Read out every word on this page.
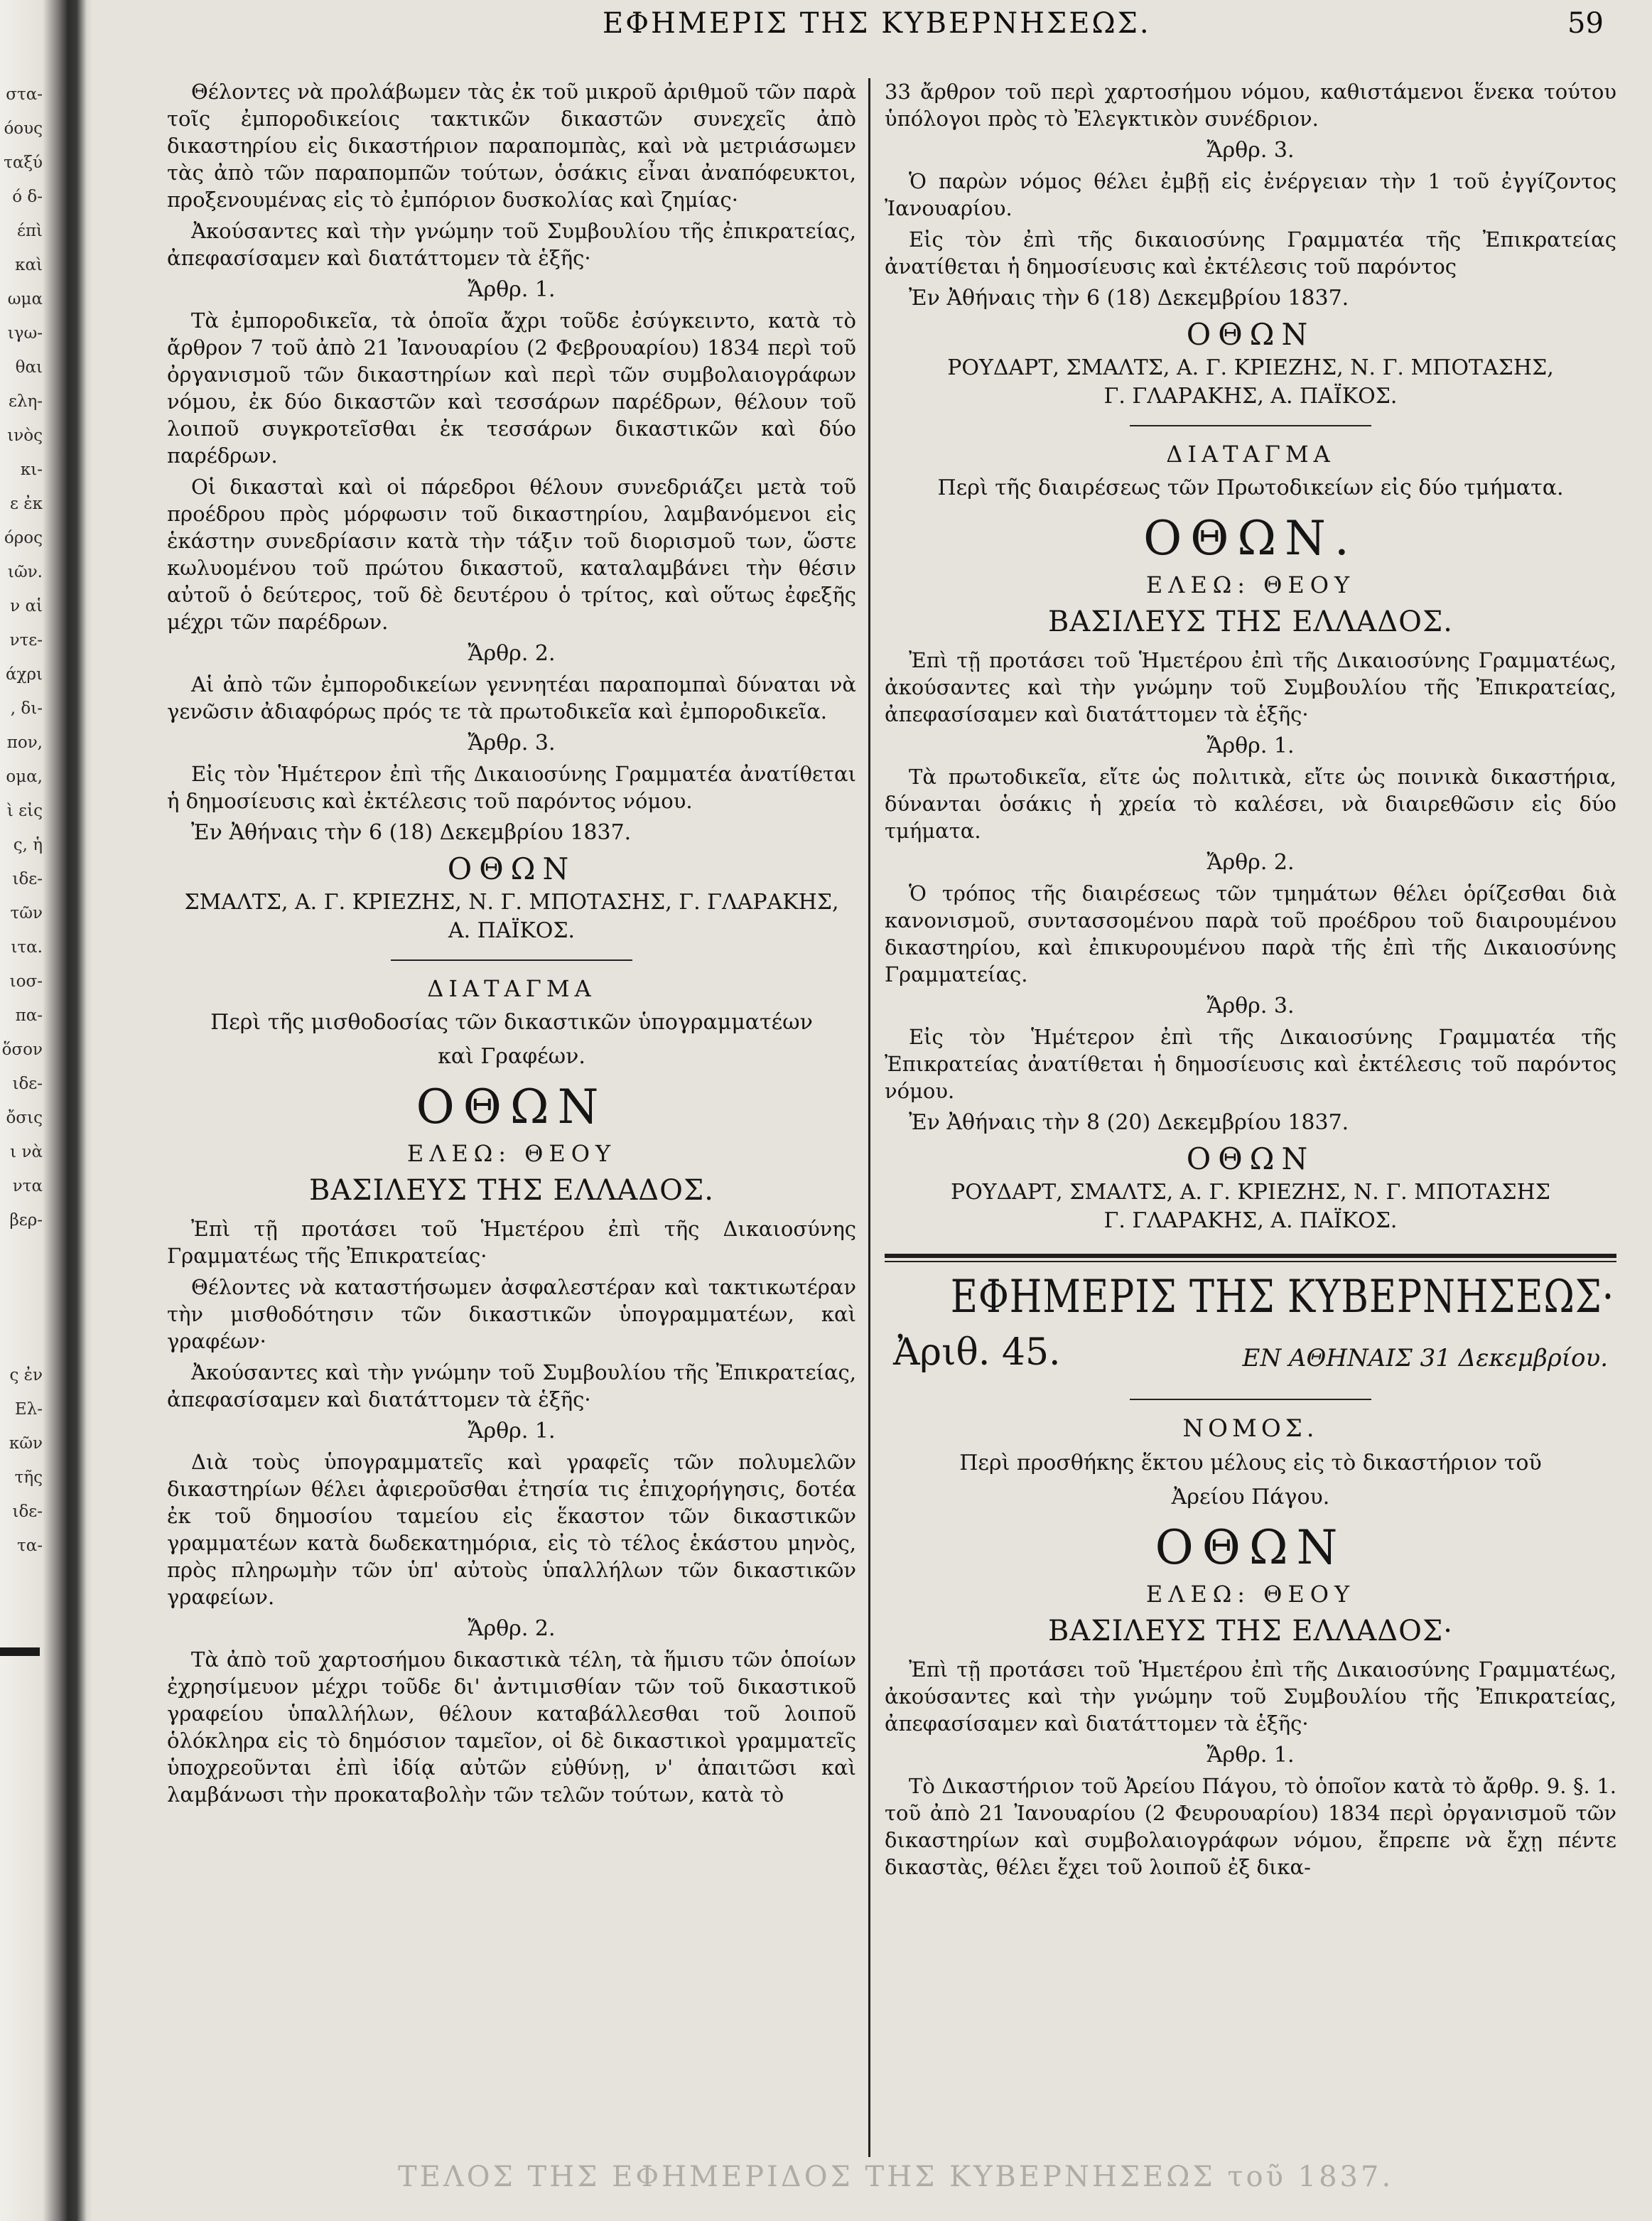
στα-
όους
ταξύ
ό δ-
έπὶ
καὶ
ωμα
ιγω-
θαι
ελη-
ινὸς
κι-
ε ἐκ
όρος
ιῶν.
ν αἱ
ντε-
άχρι
, δι-
πον,
ομα,
ὶ εἰς
ς, ἡ
ιδε-
τῶν
ιτα.
ιοσ-
πα-
ὅσον
ιδε-
ὄσις
ι νὰ
ντα
βερ-
ς ἐν
Ελ-
κῶν
τῆς
ιδε-
τα-
ΕΦΗΜΕΡΙΣ ΤΗΣ ΚΥΒΕΡΝΗΣΕΩΣ.	59

Θέλοντες νὰ προλάβωμεν τὰς ἐκ τοῦ μικροῦ ἀριθμοῦ τῶν παρὰ τοῖς ἐμποροδικείοις τακτικῶν δικαστῶν συνεχεῖς ἀπὸ δικαστηρίου εἰς δικαστήριον παραπομπὰς, καὶ νὰ μετριάσωμεν τὰς ἀπὸ τῶν παραπομπῶν τούτων, ὁσάκις εἶναι ἀναπόφευκτοι, προξενουμένας εἰς τὸ ἐμπόριον δυσκολίας καὶ ζημίας·

Ἀκούσαντες καὶ τὴν γνώμην τοῦ Συμβουλίου τῆς ἐπικρατείας, ἀπεφασίσαμεν καὶ διατάττομεν τὰ ἑξῆς·

Ἄρθρ. 1.

Τὰ ἐμποροδικεῖα, τὰ ὁποῖα ἄχρι τοῦδε ἐσύγκειντο, κατὰ τὸ ἄρθρον 7 τοῦ ἀπὸ 21 Ἰανουαρίου (2 Φεβρουαρίου) 1834 περὶ τοῦ ὀργανισμοῦ τῶν δικαστηρίων καὶ περὶ τῶν συμβολαιογράφων νόμου, ἐκ δύο δικαστῶν καὶ τεσσάρων παρέδρων, θέλουν τοῦ λοιποῦ συγκροτεῖσθαι ἐκ τεσσάρων δικαστικῶν καὶ δύο παρέδρων.

Οἱ δικασταὶ καὶ οἱ πάρεδροι θέλουν συνεδριάζει μετὰ τοῦ προέδρου πρὸς μόρφωσιν τοῦ δικαστηρίου, λαμβανόμενοι εἰς ἑκάστην συνεδρίασιν κατὰ τὴν τάξιν τοῦ διορισμοῦ των, ὥστε κωλυομένου τοῦ πρώτου δικαστοῦ, καταλαμβάνει τὴν θέσιν αὐτοῦ ὁ δεύτερος, τοῦ δὲ δευτέρου ὁ τρίτος, καὶ οὕτως ἐφεξῆς μέχρι τῶν παρέδρων.

Ἄρθρ. 2.

Αἱ ἀπὸ τῶν ἐμποροδικείων γεννητέαι παραπομπαὶ δύναται νὰ γενῶσιν ἀδιαφόρως πρός τε τὰ πρωτοδικεῖα καὶ ἐμποροδικεῖα.

Ἄρθρ. 3.

Εἰς τὸν Ἡμέτερον ἐπὶ τῆς Δικαιοσύνης Γραμματέα ἀνατίθεται ἡ δημοσίευσις καὶ ἐκτέλεσις τοῦ παρόντος νόμου.

Ἐν Ἀθήναις τὴν 6 (18) Δεκεμβρίου 1837.
ΟΘΩΝ

ΣΜΑΛΤΣ, Α. Γ. ΚΡΙΕΖΗΣ, Ν. Γ. ΜΠΟΤΑΣΗΣ, Γ. ΓΛΑΡΑΚΗΣ,

Α. ΠΑΪΚΟΣ.

ΔΙΑΤΑΓΜΑ
Περὶ τῆς μισθοδοσίας τῶν δικαστικῶν ὑπογραμματέων
καὶ Γραφέων.
ΟΘΩΝ
ΕΛΕΩ: ΘΕΟΥ
ΒΑΣΙΛΕΥΣ ΤΗΣ ΕΛΛΑΔΟΣ.

Ἐπὶ τῇ προτάσει τοῦ Ἡμετέρου ἐπὶ τῆς Δικαιοσύνης Γραμματέως τῆς Ἐπικρατείας·

Θέλοντες νὰ καταστήσωμεν ἀσφαλεστέραν καὶ τακτικωτέραν τὴν μισθοδότησιν τῶν δικαστικῶν ὑπογραμματέων, καὶ γραφέων·

Ἀκούσαντες καὶ τὴν γνώμην τοῦ Συμβουλίου τῆς Ἐπικρατείας, ἀπεφασίσαμεν καὶ διατάττομεν τὰ ἑξῆς·

Ἄρθρ. 1.

Διὰ τοὺς ὑπογραμματεῖς καὶ γραφεῖς τῶν πολυμελῶν δικαστηρίων θέλει ἀφιεροῦσθαι ἐτησία τις ἐπιχορήγησις, δοτέα ἐκ τοῦ δημοσίου ταμείου εἰς ἕκαστον τῶν δικαστικῶν γραμματέων κατὰ δωδεκατημόρια, εἰς τὸ τέλος ἑκάστου μηνὸς, πρὸς πληρωμὴν τῶν ὑπ' αὐτοὺς ὑπαλλήλων τῶν δικαστικῶν γραφείων.

Ἄρθρ. 2.

Τὰ ἀπὸ τοῦ χαρτοσήμου δικαστικὰ τέλη, τὰ ἥμισυ τῶν ὁποίων ἐχρησίμευον μέχρι τοῦδε δι' ἀντιμισθίαν τῶν τοῦ δικαστικοῦ γραφείου ὑπαλλήλων, θέλουν καταβάλλεσθαι τοῦ λοιποῦ ὁλόκληρα εἰς τὸ δημόσιον ταμεῖον, οἱ δὲ δικαστικοὶ γραμματεῖς ὑποχρεοῦνται ἐπὶ ἰδίᾳ αὐτῶν εὐθύνῃ, ν' ἀπαιτῶσι καὶ λαμβάνωσι τὴν προκαταβολὴν τῶν τελῶν τούτων, κατὰ τὸ

33 ἄρθρον τοῦ περὶ χαρτοσήμου νόμου, καθιστάμενοι ἕνεκα τούτου ὑπόλογοι πρὸς τὸ Ἐλεγκτικὸν συνέδριον.

Ἄρθρ. 3.

Ὁ παρὼν νόμος θέλει ἐμβῇ εἰς ἐνέργειαν τὴν 1 τοῦ ἐγγίζοντος Ἰανουαρίου.

Εἰς τὸν ἐπὶ τῆς δικαιοσύνης Γραμματέα τῆς Ἐπικρατείας ἀνατίθεται ἡ δημοσίευσις καὶ ἐκτέλεσις τοῦ παρόντος

Ἐν Ἀθήναις τὴν 6 (18) Δεκεμβρίου 1837.
ΟΘΩΝ

ΡΟΥΔΑΡΤ, ΣΜΑΛΤΣ, Α. Γ. ΚΡΙΕΖΗΣ, Ν. Γ. ΜΠΟΤΑΣΗΣ,

Γ. ΓΛΑΡΑΚΗΣ, Α. ΠΑΪΚΟΣ.

ΔΙΑΤΑΓΜΑ
Περὶ τῆς διαιρέσεως τῶν Πρωτοδικείων εἰς δύο τμήματα.
ΟΘΩΝ.
ΕΛΕΩ: ΘΕΟΥ
ΒΑΣΙΛΕΥΣ ΤΗΣ ΕΛΛΑΔΟΣ.

Ἐπὶ τῇ προτάσει τοῦ Ἡμετέρου ἐπὶ τῆς Δικαιοσύνης Γραμματέως, ἀκούσαντες καὶ τὴν γνώμην τοῦ Συμβουλίου τῆς Ἐπικρατείας, ἀπεφασίσαμεν καὶ διατάττομεν τὰ ἑξῆς·

Ἄρθρ. 1.

Τὰ πρωτοδικεῖα, εἴτε ὡς πολιτικὰ, εἴτε ὡς ποινικὰ δικαστήρια, δύνανται ὁσάκις ἡ χρεία τὸ καλέσει, νὰ διαιρεθῶσιν εἰς δύο τμήματα.

Ἄρθρ. 2.

Ὁ τρόπος τῆς διαιρέσεως τῶν τμημάτων θέλει ὁρίζεσθαι διὰ κανονισμοῦ, συντασσομένου παρὰ τοῦ προέδρου τοῦ διαιρουμένου δικαστηρίου, καὶ ἐπικυρουμένου παρὰ τῆς ἐπὶ τῆς Δικαιοσύνης Γραμματείας.

Ἄρθρ. 3.

Εἰς τὸν Ἡμέτερον ἐπὶ τῆς Δικαιοσύνης Γραμματέα τῆς Ἐπικρατείας ἀνατίθεται ἡ δημοσίευσις καὶ ἐκτέλεσις τοῦ παρόντος νόμου.

Ἐν Ἀθήναις τὴν 8 (20) Δεκεμβρίου 1837.
ΟΘΩΝ

ΡΟΥΔΑΡΤ, ΣΜΑΛΤΣ, Α. Γ. ΚΡΙΕΖΗΣ, Ν. Γ. ΜΠΟΤΑΣΗΣ

Γ. ΓΛΑΡΑΚΗΣ, Α. ΠΑΪΚΟΣ.

ΕΦΗΜΕΡΙΣ ΤΗΣ ΚΥΒΕΡΝΗΣΕΩΣ·
Ἀριθ. 45.	ΕΝ ΑΘΗΝΑΙΣ 31 Δεκεμβρίου.
ΝΟΜΟΣ.
Περὶ προσθήκης ἕκτου μέλους εἰς τὸ δικαστήριον τοῦ
Ἀρείου Πάγου.
ΟΘΩΝ
ΕΛΕΩ: ΘΕΟΥ
ΒΑΣΙΛΕΥΣ ΤΗΣ ΕΛΛΑΔΟΣ·

Ἐπὶ τῇ προτάσει τοῦ Ἡμετέρου ἐπὶ τῆς Δικαιοσύνης Γραμματέως, ἀκούσαντες καὶ τὴν γνώμην τοῦ Συμβουλίου τῆς Ἐπικρατείας, ἀπεφασίσαμεν καὶ διατάττομεν τὰ ἑξῆς·

Ἄρθρ. 1.

Τὸ Δικαστήριον τοῦ Ἀρείου Πάγου, τὸ ὁποῖον κατὰ τὸ ἄρθρ. 9. §. 1. τοῦ ἀπὸ 21 Ἰανουαρίου (2 Φευρουαρίου) 1834 περὶ ὀργανισμοῦ τῶν δικαστηρίων καὶ συμβολαιογράφων νόμου, ἔπρεπε νὰ ἔχῃ πέντε δικαστὰς, θέλει ἔχει τοῦ λοιποῦ ἐξ δικα-

ΤΕΛΟΣ ΤΗΣ ΕΦΗΜΕΡΙΔΟΣ ΤΗΣ ΚΥΒΕΡΝΗΣΕΩΣ τοῦ 1837.
